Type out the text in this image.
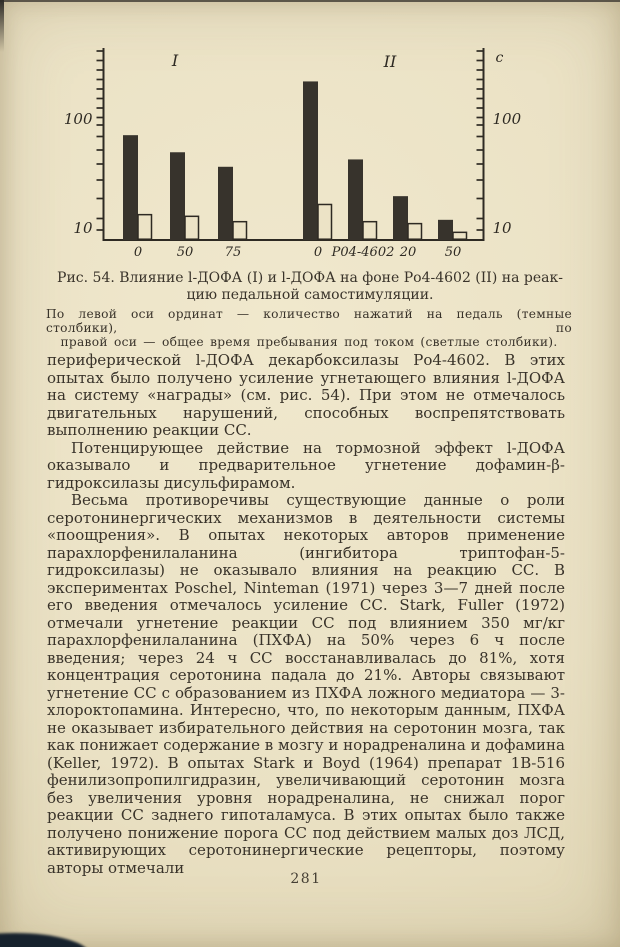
10	10
100	100
c
I
0	50 75
II
0 Р04-4602 20 50
Рис. 54. Влияние l-ДОФА (I) и l-ДОФА на фоне Ро4-4602 (II) на реак-
цию педальной самостимуляции.
По левой оси ординат — количество нажатий на педаль (темные столбики), по
правой оси — общее время пребывания под током (светлые столбики).

периферической l-ДОФА декарбоксилазы Ро4-4602. В этих опытах было получено усиление угнетающего влияния l-ДОФА на систему «награды» (см. рис. 54). При этом не отмечалось двигательных нарушений, способных воспрепятствовать выполнению реакции СС.

Потенцирующее действие на тормозной эффект l-ДОФА оказывало и предварительное угнетение дофамин-β-гидроксилазы дисульфирамом.

Весьма противоречивы существующие данные о роли серотонинергических механизмов в деятельности системы «поощрения». В опытах некоторых авторов применение парахлорфенилаланина (ингибитора триптофан-5-гидроксилазы) не оказывало влияния на реакцию СС. В экспериментах Poschel, Ninteman (1971) через 3—7 дней после его введения отмечалось усиление СС. Stark, Fuller (1972) отмечали угнетение реакции СС под влиянием 350 мг/кг парахлорфенилаланина (ПХФА) на 50% через 6 ч после введения; через 24 ч СС восстанавливалась до 81%, хотя концентрация серотонина падала до 21%. Авторы связывают угнетение СС с образованием из ПХФА ложного медиатора — 3-хлороктопамина. Интересно, что, по некоторым данным, ПХФА не оказывает избирательного действия на серотонин мозга, так как понижает содержание в мозгу и норадреналина и дофамина (Keller, 1972). В опытах Stark и Boyd (1964) препарат 1В-516 фенилизопропилгидразин, увеличивающий серотонин мозга без увеличения уровня норадреналина, не снижал порог реакции СС заднего гипоталамуса. В этих опытах было также получено понижение порога СС под действием малых доз ЛСД, активирующих серотонинергические рецепторы, поэтому авторы отмечали

281
